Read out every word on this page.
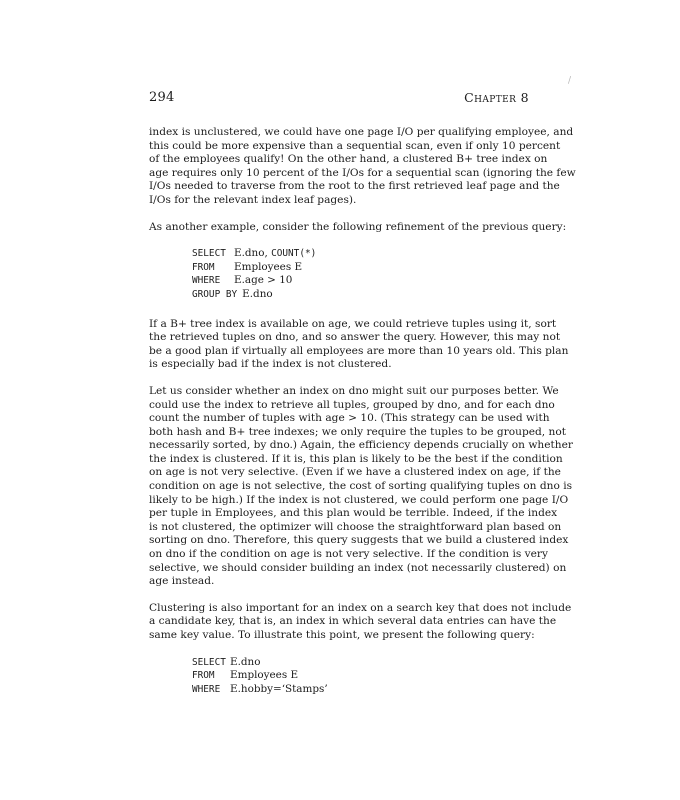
294	Chapter 8
/

index is unclustered, we could have one page I/O per qualifying employee, and
this could be more expensive than a sequential scan, even if only 10 percent
of the employees qualify! On the other hand, a clustered B+ tree index on
age requires only 10 percent of the I/Os for a sequential scan (ignoring the few
I/Os needed to traverse from the root to the first retrieved leaf page and the
I/Os for the relevant index leaf pages).

As another example, consider the following refinement of the previous query:

SELECT E.dno, COUNT(*)
FROM	Employees E
WHERE	E.age > 10
GROUP BY E.dno

If a B+ tree index is available on age, we could retrieve tuples using it, sort
the retrieved tuples on dno, and so answer the query. However, this may not
be a good plan if virtually all employees are more than 10 years old. This plan
is especially bad if the index is not clustered.

Let us consider whether an index on dno might suit our purposes better. We
could use the index to retrieve all tuples, grouped by dno, and for each dno
count the number of tuples with age > 10. (This strategy can be used with
both hash and B+ tree indexes; we only require the tuples to be grouped, not
necessarily sorted, by dno.) Again, the efficiency depends crucially on whether
the index is clustered. If it is, this plan is likely to be the best if the condition
on age is not very selective. (Even if we have a clustered index on age, if the
condition on age is not selective, the cost of sorting qualifying tuples on dno is
likely to be high.) If the index is not clustered, we could perform one page I/O
per tuple in Employees, and this plan would be terrible. Indeed, if the index
is not clustered, the optimizer will choose the straightforward plan based on
sorting on dno. Therefore, this query suggests that we build a clustered index
on dno if the condition on age is not very selective. If the condition is very
selective, we should consider building an index (not necessarily clustered) on
age instead.

Clustering is also important for an index on a search key that does not include
a candidate key, that is, an index in which several data entries can have the
same key value. To illustrate this point, we present the following query:

SELECT E.dno
FROM	Employees E
WHERE E.hobby=‘Stamps’
